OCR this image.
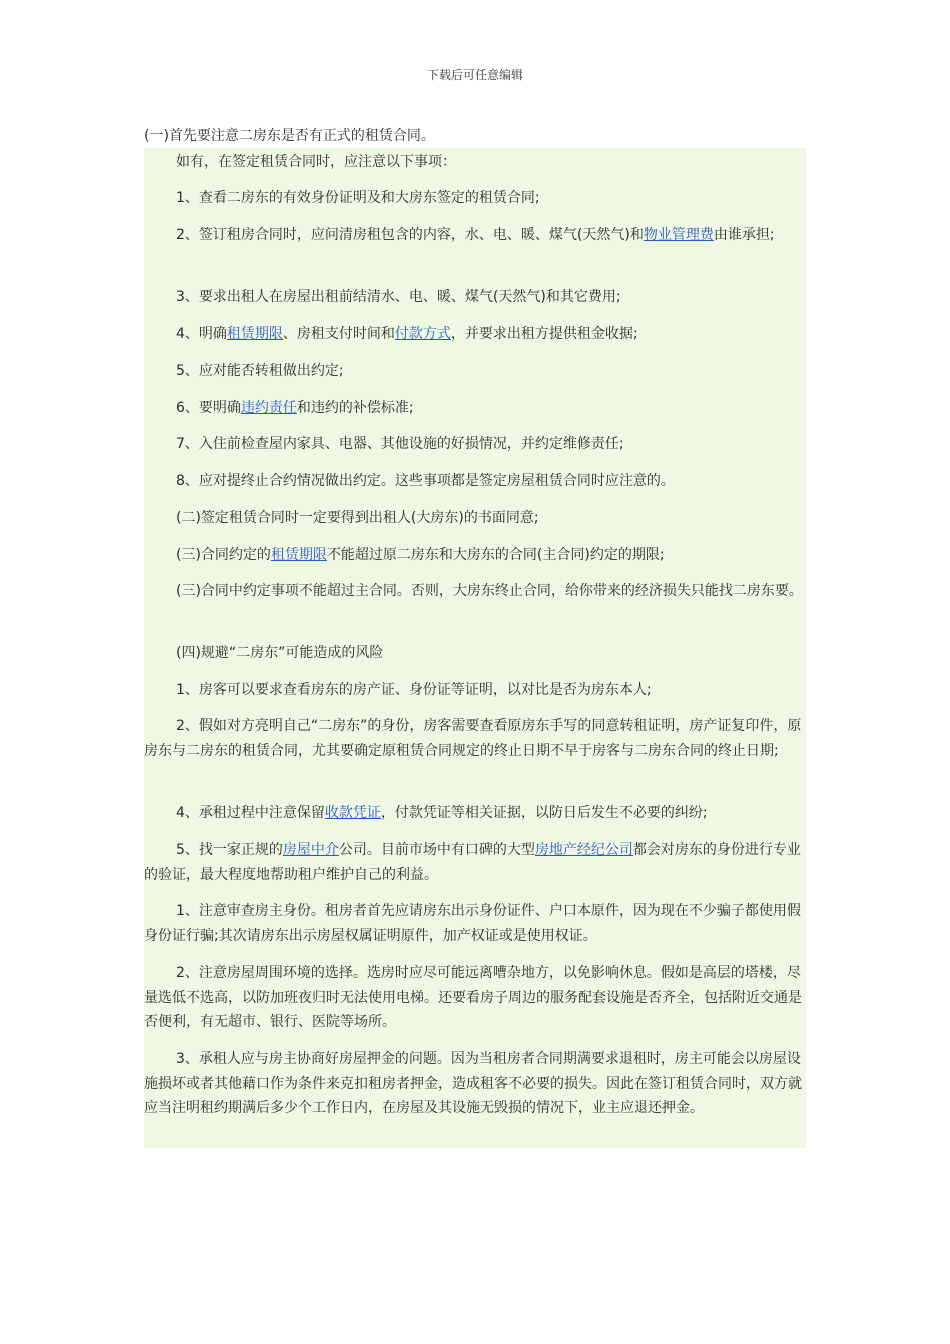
下载后可任意编辑
(一)首先要注意二房东是否有正式的租赁合同。

如有，在签定租赁合同时，应注意以下事项：

1、查看二房东的有效身份证明及和大房东签定的租赁合同;

2、签订租房合同时，应问清房租包含的内容，水、电、暖、煤气(天然气)和物业管理费由谁承担;

3、要求出租人在房屋出租前结清水、电、暖、煤气(天然气)和其它费用;

4、明确租赁期限、房租支付时间和付款方式，并要求出租方提供租金收据;

5、应对能否转租做出约定;

6、要明确违约责任和违约的补偿标准;

7、入住前检查屋内家具、电器、其他设施的好损情况，并约定维修责任;

8、应对提终止合约情况做出约定。这些事项都是签定房屋租赁合同时应注意的。

(二)签定租赁合同时一定要得到出租人(大房东)的书面同意;

(三)合同约定的租赁期限不能超过原二房东和大房东的合同(主合同)约定的期限;

(三)合同中约定事项不能超过主合同。否则，大房东终止合同，给你带来的经济损失只能找二房东要。

(四)规避“二房东”可能造成的风险

1、房客可以要求查看房东的房产证、身份证等证明，以对比是否为房东本人;

2、假如对方亮明自己“二房东”的身份，房客需要查看原房东手写的同意转租证明，房产证复印件，原房东与二房东的租赁合同，尤其要确定原租赁合同规定的终止日期不早于房客与二房东合同的终止日期;

4、承租过程中注意保留收款凭证，付款凭证等相关证据，以防日后发生不必要的纠纷;

5、找一家正规的房屋中介公司。目前市场中有口碑的大型房地产经纪公司都会对房东的身份进行专业的验证，最大程度地帮助租户维护自己的利益。

1、注意审查房主身份。租房者首先应请房东出示身份证件、户口本原件，因为现在不少骗子都使用假身份证行骗;其次请房东出示房屋权属证明原件，加产权证或是使用权证。

2、注意房屋周围环境的选择。选房时应尽可能远离嘈杂地方，以免影响休息。假如是高层的塔楼，尽量选低不选高，以防加班夜归时无法使用电梯。还要看房子周边的服务配套设施是否齐全，包括附近交通是否便利，有无超市、银行、医院等场所。

3、承租人应与房主协商好房屋押金的问题。因为当租房者合同期满要求退租时，房主可能会以房屋设施损坏或者其他藉口作为条件来克扣租房者押金，造成租客不必要的损失。因此在签订租赁合同时，双方就应当注明租约期满后多少个工作日内，在房屋及其设施无毁损的情况下，业主应退还押金。
